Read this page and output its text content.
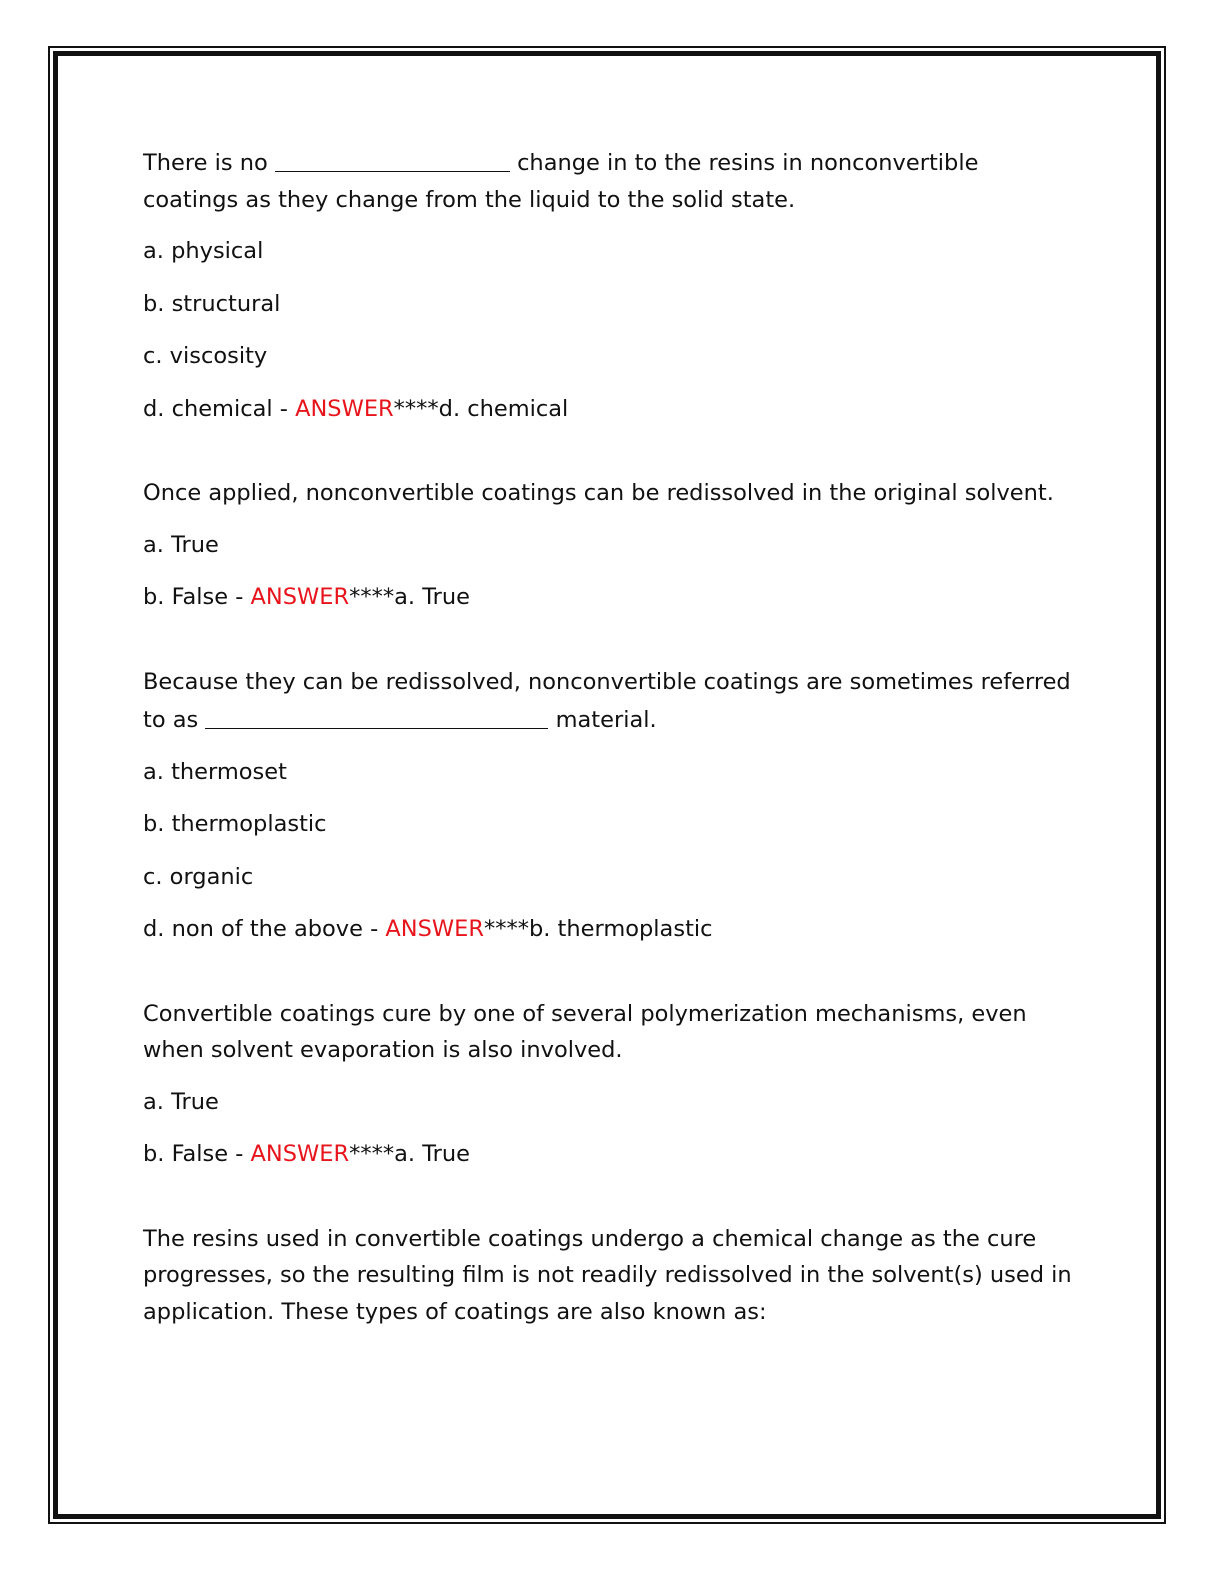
There is no	change in to the resins in nonconvertible
coatings as they change from the liquid to the solid state.
a. physical
b. structural
c. viscosity
d. chemical - ANSWER****d. chemical
Once applied, nonconvertible coatings can be redissolved in the original solvent.
a. True
b. False - ANSWER****a. True
Because they can be redissolved, nonconvertible coatings are sometimes referred
to as	material.
a. thermoset
b. thermoplastic
c. organic
d. non of the above - ANSWER****b. thermoplastic
Convertible coatings cure by one of several polymerization mechanisms, even
when solvent evaporation is also involved.
a. True
b. False - ANSWER****a. True
The resins used in convertible coatings undergo a chemical change as the cure
progresses, so the resulting film is not readily redissolved in the solvent(s) used in
application. These types of coatings are also known as:
